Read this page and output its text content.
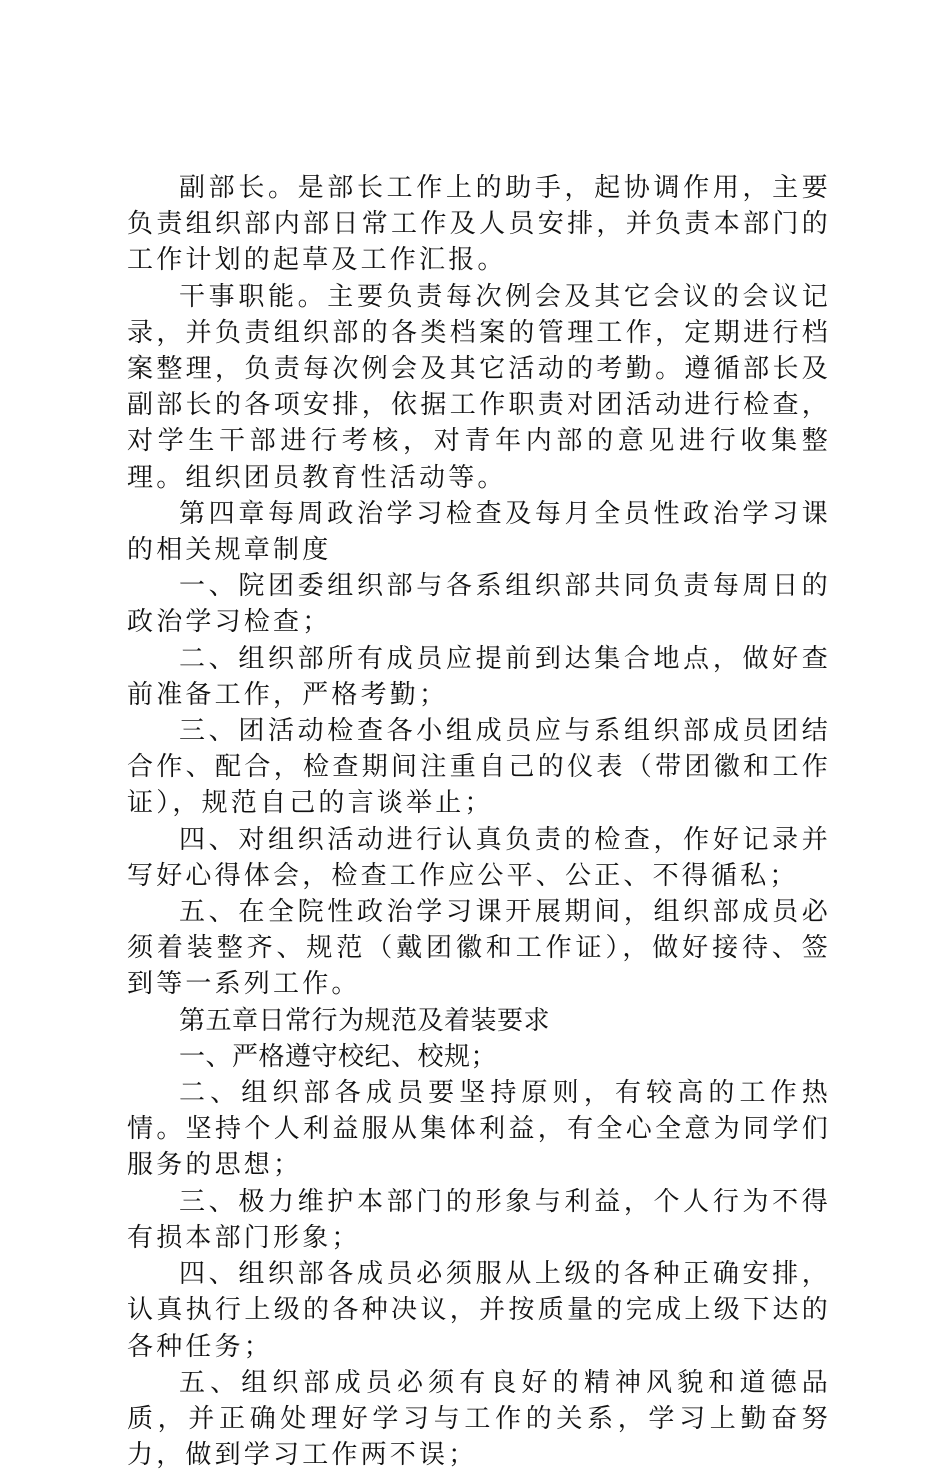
副部长。是部长工作上的助手，起协调作用，主要负责组织部内部日常工作及人员安排，并负责本部门的工作计划的起草及工作汇报。

干事职能。主要负责每次例会及其它会议的会议记录，并负责组织部的各类档案的管理工作，定期进行档案整理，负责每次例会及其它活动的考勤。遵循部长及副部长的各项安排，依据工作职责对团活动进行检查，对学生干部进行考核，对青年内部的意见进行收集整理。组织团员教育性活动等。

第四章每周政治学习检查及每月全员性政治学习课的相关规章制度

一、院团委组织部与各系组织部共同负责每周日的政治学习检查；

二、组织部所有成员应提前到达集合地点，做好查前准备工作，严格考勤；

三、团活动检查各小组成员应与系组织部成员团结合作、配合，检查期间注重自己的仪表（带团徽和工作证），规范自己的言谈举止；

四、对组织活动进行认真负责的检查，作好记录并写好心得体会，检查工作应公平、公正、不得循私；

五、在全院性政治学习课开展期间，组织部成员必须着装整齐、规范（戴团徽和工作证），做好接待、签到等一系列工作。

第五章日常行为规范及着装要求

一、严格遵守校纪、校规；

二、组织部各成员要坚持原则，有较高的工作热情。坚持个人利益服从集体利益，有全心全意为同学们服务的思想；

三、极力维护本部门的形象与利益，个人行为不得有损本部门形象；

四、组织部各成员必须服从上级的各种正确安排，认真执行上级的各种决议，并按质量的完成上级下达的各种任务；

五、组织部成员必须有良好的精神风貌和道德品质，并正确处理好学习与工作的关系，学习上勤奋努力，做到学习工作两不误；
